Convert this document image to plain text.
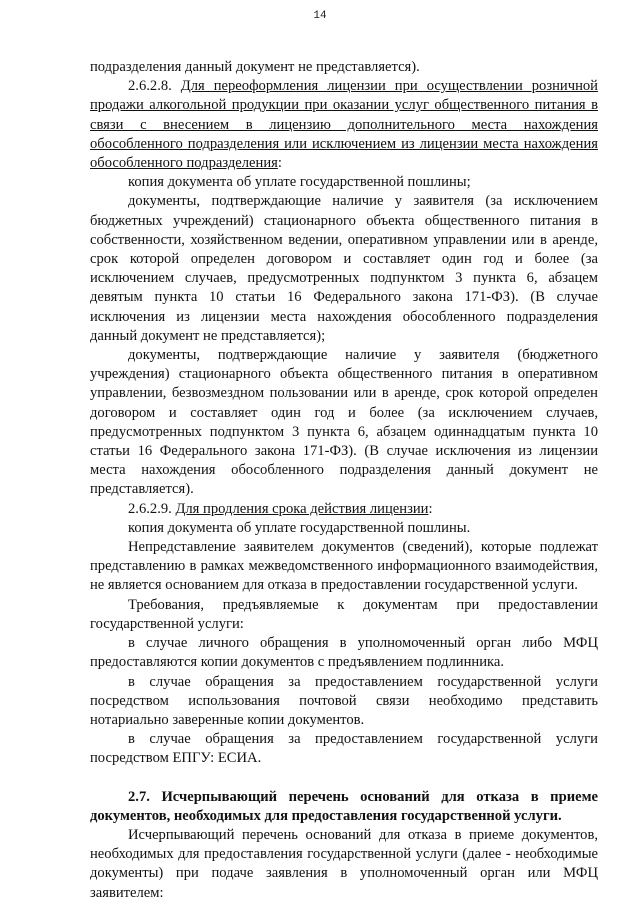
14

подразделения данный документ не представляется).

2.6.2.8. Для переоформления лицензии при осуществлении розничной продажи алкогольной продукции при оказании услуг общественного питания в связи с внесением в лицензию дополнительного места нахождения обособленного подразделения или исключением из лицензии места нахождения обособленного подразделения:

копия документа об уплате государственной пошлины;

документы, подтверждающие наличие у заявителя (за исключением бюджетных учреждений) стационарного объекта общественного питания в собственности, хозяйственном ведении, оперативном управлении или в аренде, срок которой определен договором и составляет один год и более (за исключением случаев, предусмотренных подпунктом 3 пункта 6, абзацем девятым пункта 10 статьи 16 Федерального закона 171-ФЗ). (В случае исключения из лицензии места нахождения обособленного подразделения данный документ не представляется);

документы, подтверждающие наличие у заявителя (бюджетного учреждения) стационарного объекта общественного питания в оперативном управлении, безвозмездном пользовании или в аренде, срок которой определен договором и составляет один год и более (за исключением случаев, предусмотренных подпунктом 3 пункта 6, абзацем одиннадцатым пункта 10 статьи 16 Федерального закона 171-ФЗ). (В случае исключения из лицензии места нахождения обособленного подразделения данный документ не представляется).

2.6.2.9. Для продления срока действия лицензии:

копия документа об уплате государственной пошлины.

Непредставление заявителем документов (сведений), которые подлежат представлению в рамках межведомственного информационного взаимодействия, не является основанием для отказа в предоставлении государственной услуги.

Требования, предъявляемые к документам при предоставлении государственной услуги:

в случае личного обращения в уполномоченный орган либо МФЦ предоставляются копии документов с предъявлением подлинника.

в случае обращения за предоставлением государственной услуги посредством использования почтовой связи необходимо представить нотариально заверенные копии документов.

в случае обращения за предоставлением государственной услуги посредством ЕПГУ: ЕСИА.

2.7. Исчерпывающий перечень оснований для отказа в приеме документов, необходимых для предоставления государственной услуги.

Исчерпывающий перечень оснований для отказа в приеме документов, необходимых для предоставления государственной услуги (далее - необходимые документы) при подаче заявления в уполномоченный орган или МФЦ заявителем:
